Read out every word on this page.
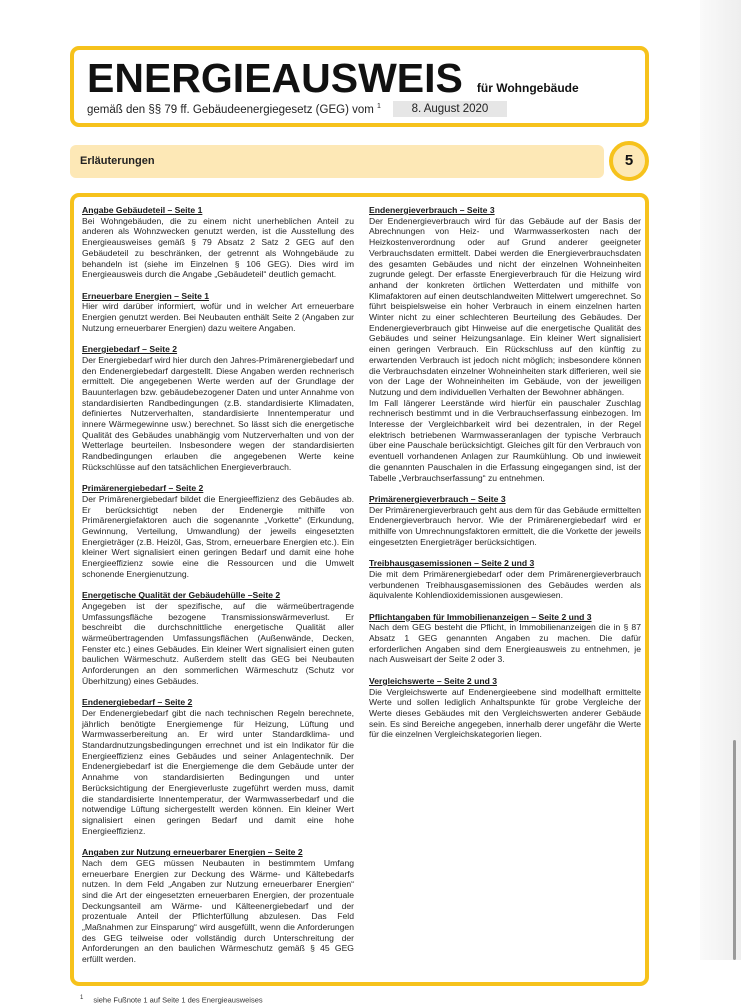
ENERGIEAUSWEIS für Wohngebäude
gemäß den §§ 79 ff. Gebäudeenergiegesetz (GEG) vom $^1$	8. August 2020
Erläuterungen	5
Angabe Gebäudeteil – Seite 1

Bei Wohngebäuden, die zu einem nicht unerheblichen Anteil zu anderen als Wohnzwecken genutzt werden, ist die Ausstellung des Energieausweises gemäß § 79 Absatz 2 Satz 2 GEG auf den Gebäudeteil zu beschränken, der getrennt als Wohngebäude zu behandeln ist (siehe im Einzelnen § 106 GEG). Dies wird im Energieausweis durch die Angabe „Gebäudeteil“ deutlich gemacht.

Erneuerbare Energien – Seite 1

Hier wird darüber informiert, wofür und in welcher Art erneuerbare Energien genutzt werden. Bei Neubauten enthält Seite 2 (Angaben zur Nutzung erneuerbarer Energien) dazu weitere Angaben.

Energiebedarf – Seite 2

Der Energiebedarf wird hier durch den Jahres-Primärenergiebedarf und den Endenergiebedarf dargestellt. Diese Angaben werden rechnerisch ermittelt. Die angegebenen Werte werden auf der Grundlage der Bauunterlagen bzw. gebäudebezogener Daten und unter Annahme von standardisierten Randbedingungen (z.B. standardisierte Klimadaten, definiertes Nutzerverhalten, standardisierte Innentemperatur und innere Wärmegewinne usw.) berechnet. So lässt sich die energetische Qualität des Gebäudes unabhängig vom Nutzerverhalten und von der Wetterlage beurteilen. Insbesondere wegen der standardisierten Randbedingungen erlauben die angegebenen Werte keine Rückschlüsse auf den tatsächlichen Energieverbrauch.

Primärenergiebedarf – Seite 2

Der Primärenergiebedarf bildet die Energieeffizienz des Gebäudes ab. Er berücksichtigt neben der Endenergie mithilfe von Primärenergiefaktoren auch die sogenannte „Vorkette“ (Erkundung, Gewinnung, Verteilung, Umwandlung) der jeweils eingesetzten Energieträger (z.B. Heizöl, Gas, Strom, erneuerbare Energien etc.). Ein kleiner Wert signalisiert einen geringen Bedarf und damit eine hohe Energieeffizienz sowie eine die Ressourcen und die Umwelt schonende Energienutzung.

Energetische Qualität der Gebäudehülle –Seite 2

Angegeben ist der spezifische, auf die wärmeübertragende Umfassungsfläche bezogene Transmissionswärmeverlust. Er beschreibt die durchschnittliche energetische Qualität aller wärmeübertragenden Umfassungsflächen (Außenwände, Decken, Fenster etc.) eines Gebäudes. Ein kleiner Wert signalisiert einen guten baulichen Wärmeschutz. Außerdem stellt das GEG bei Neubauten Anforderungen an den sommerlichen Wärmeschutz (Schutz vor Überhitzung) eines Gebäudes.

Endenergiebedarf – Seite 2

Der Endenergiebedarf gibt die nach technischen Regeln berechnete, jährlich benötigte Energiemenge für Heizung, Lüftung und Warmwasserbereitung an. Er wird unter Standardklima- und Standardnutzungsbedingungen errechnet und ist ein Indikator für die Energieeffizienz eines Gebäudes und seiner Anlagentechnik. Der Endenergiebedarf ist die Energiemenge die dem Gebäude unter der Annahme von standardisierten Bedingungen und unter Berücksichtigung der Energieverluste zugeführt werden muss, damit die standardisierte Innentemperatur, der Warmwasserbedarf und die notwendige Lüftung sichergestellt werden können. Ein kleiner Wert signalisiert einen geringen Bedarf und damit eine hohe Energieeffizienz.

Angaben zur Nutzung erneuerbarer Energien – Seite 2

Nach dem GEG müssen Neubauten in bestimmtem Umfang erneuerbare Energien zur Deckung des Wärme- und Kältebedarfs nutzen. In dem Feld „Angaben zur Nutzung erneuerbarer Energien“ sind die Art der eingesetzten erneuerbaren Energien, der prozentuale Deckungsanteil am Wärme- und Kälteenergiebedarf und der prozentuale Anteil der Pflichterfüllung abzulesen. Das Feld „Maßnahmen zur Einsparung“ wird ausgefüllt, wenn die Anforderungen des GEG teilweise oder vollständig durch Unterschreitung der Anforderungen an den baulichen Wärmeschutz gemäß § 45 GEG erfüllt werden.

Endenergieverbrauch – Seite 3

Der Endenergieverbrauch wird für das Gebäude auf der Basis der Abrechnungen von Heiz- und Warmwasserkosten nach der Heizkostenverordnung oder auf Grund anderer geeigneter Verbrauchsdaten ermittelt. Dabei werden die Energieverbrauchsdaten des gesamten Gebäudes und nicht der einzelnen Wohneinheiten zugrunde gelegt. Der erfasste Energieverbrauch für die Heizung wird anhand der konkreten örtlichen Wetterdaten und mithilfe von Klimafaktoren auf einen deutschlandweiten Mittelwert umgerechnet. So führt beispielsweise ein hoher Verbrauch in einem einzelnen harten Winter nicht zu einer schlechteren Beurteilung des Gebäudes. Der Endenergieverbrauch gibt Hinweise auf die energetische Qualität des Gebäudes und seiner Heizungsanlage. Ein kleiner Wert signalisiert einen geringen Verbrauch. Ein Rückschluss auf den künftig zu erwartenden Verbrauch ist jedoch nicht möglich; insbesondere können die Verbrauchsdaten einzelner Wohneinheiten stark differieren, weil sie von der Lage der Wohneinheiten im Gebäude, von der jeweiligen Nutzung und dem individuellen Verhalten der Bewohner abhängen.

Im Fall längerer Leerstände wird hierfür ein pauschaler Zuschlag rechnerisch bestimmt und in die Verbrauchserfassung einbezogen. Im Interesse der Vergleichbarkeit wird bei dezentralen, in der Regel elektrisch betriebenen Warmwasseranlagen der typische Verbrauch über eine Pauschale berücksichtigt. Gleiches gilt für den Verbrauch von eventuell vorhandenen Anlagen zur Raumkühlung. Ob und inwieweit die genannten Pauschalen in die Erfassung eingegangen sind, ist der Tabelle „Verbrauchserfassung“ zu entnehmen.

Primärenergieverbrauch – Seite 3

Der Primärenergieverbrauch geht aus dem für das Gebäude ermittelten Endenergieverbrauch hervor. Wie der Primärenergiebedarf wird er mithilfe von Umrechnungsfaktoren ermittelt, die die Vorkette der jeweils eingesetzten Energieträger berücksichtigen.

Treibhausgasemissionen – Seite 2 und 3

Die mit dem Primärenergiebedarf oder dem Primärenergieverbrauch verbundenen Treibhausgasemissionen des Gebäudes werden als äquivalente Kohlendioxidemissionen ausgewiesen.

Pflichtangaben für Immobilienanzeigen – Seite 2 und 3

Nach dem GEG besteht die Pflicht, in Immobilienanzeigen die in § 87 Absatz 1 GEG genannten Angaben zu machen. Die dafür erforderlichen Angaben sind dem Energieausweis zu entnehmen, je nach Ausweisart der Seite 2 oder 3.

Vergleichswerte – Seite 2 und 3

Die Vergleichswerte auf Endenergieebene sind modellhaft ermittelte Werte und sollen lediglich Anhaltspunkte für grobe Vergleiche der Werte dieses Gebäudes mit den Vergleichswerten anderer Gebäude sein. Es sind Bereiche angegeben, innerhalb derer ungefähr die Werte für die einzelnen Vergleichskategorien liegen.

$^1$ siehe Fußnote 1 auf Seite 1 des Energieausweises
